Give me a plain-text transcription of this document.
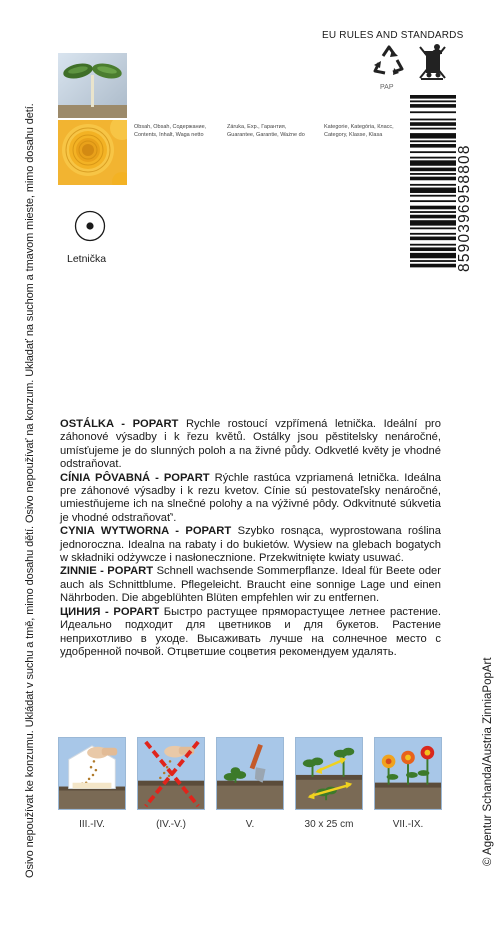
Osivo nepoužívat ke konzumu. Ukládat v suchu a tmě, mimo dosahu dětí. Osivo nepoužívať na konzum. Ukladať na suchom a tmavom mieste, mimo dosahu detí.	© Agentur Schanda/Austria ZinniaPopArt
EU RULES AND STANDARDS
PAP
8590396958808
Obsah, Obsah, Содержание,
Contents, Inhalt, Waga netto
Záruka, Exp., Гарантия,
Guarantee, Garantie, Ważne do
Kategorie, Kategória, Класс,
Category, Klasse, Klasa
Letnička

OSTÁLKA - POPART Rychle rostoucí vzpřímená letnička. Ideální pro záhonové výsadby i k řezu květů. Ostálky jsou pěstitelsky nenáročné, umísťujeme je do slunných poloh a na živné půdy. Odkvetlé květy je vhodné odstraňovat.

CÍNIA PÔVABNÁ - POPART Rýchle rastúca vzpriamená letnička. Ideálna pre záhonové výsadby i k rezu kvetov. Cínie sú pestovateľsky nenáročné, umiestňujeme ich na slnečné polohy a na výživné pôdy. Odkvitnuté súkvetia je vhodné odstraňovať'.

CYNIA WYTWORNA - POPART Szybko rosnąca, wyprostowana roślina jednoroczna. Idealna na rabaty i do bukietów. Wysiew na glebach bogatych w składniki odżywcze i nasłonecznione. Przekwitnięte kwiaty usuwać.

ZINNIE - POPART Schnell wachsende Sommerpflanze. Ideal für Beete oder auch als Schnittblume. Pflegeleicht. Braucht eine sonnige Lage und einen Nährboden. Die abgeblühten Blüten empfehlen wir zu entfernen.

ЦИНИЯ - POPART Быстро растущее пряморастущее летнее растение. Идеально подходит для цветников и для букетов. Растение неприхотливо в уходе. Высаживать лучше на солнечное место с удобренной почвой. Отцветшие соцветия рекомендуем удалять.

III.-IV.	(IV.-V.)	V.	30 x 25 cm	VII.-IX.
